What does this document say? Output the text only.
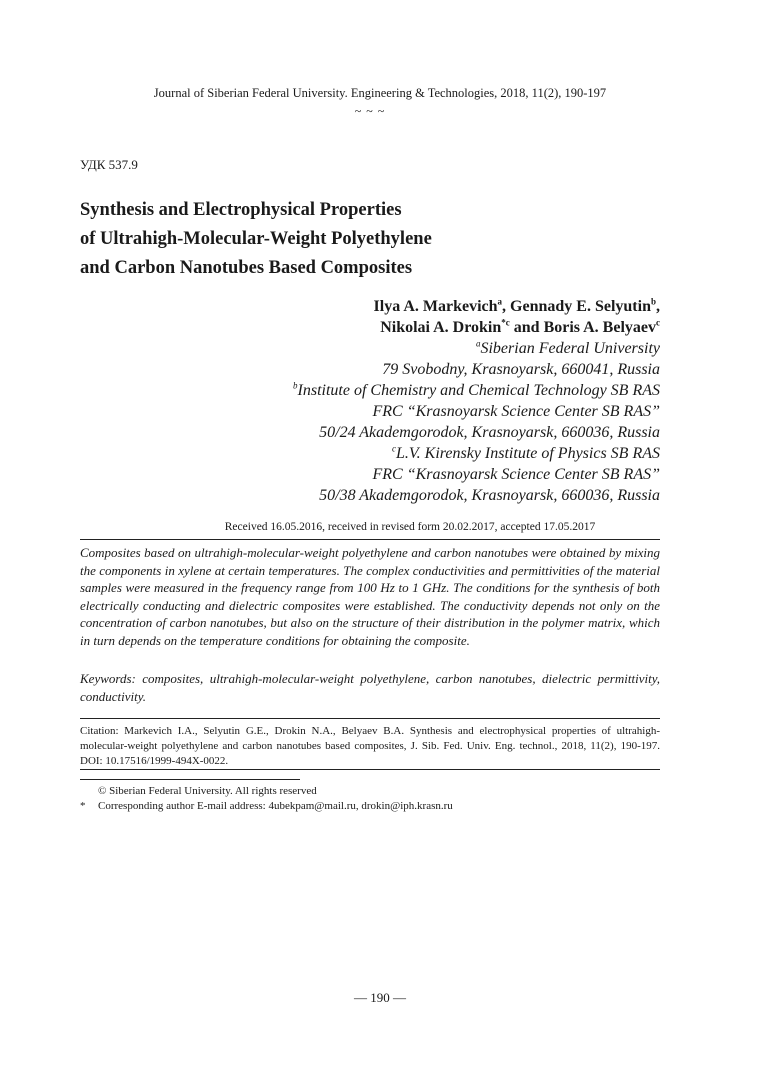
Journal of Siberian Federal University. Engineering & Technologies, 2018, 11(2), 190-197
~ ~ ~
УДК 537.9
Synthesis and Electrophysical Properties
of Ultrahigh-Molecular-Weight Polyethylene
and Carbon Nanotubes Based Composites
Ilya A. Markevich$^a$, Gennady E. Selyutin$^b$,
Nikolai A. Drokin$^{*c}$ and Boris A. Belyaev$^c$
$^a$Siberian Federal University
79 Svobodny, Krasnoyarsk, 660041, Russia
$^b$Institute of Chemistry and Chemical Technology SB RAS
FRC “Krasnoyarsk Science Center SB RAS”
50/24 Akademgorodok, Krasnoyarsk, 660036, Russia
$^c$L.V. Kirensky Institute of Physics SB RAS
FRC “Krasnoyarsk Science Center SB RAS”
50/38 Akademgorodok, Krasnoyarsk, 660036, Russia
Received 16.05.2016, received in revised form 20.02.2017, accepted 17.05.2017
Composites based on ultrahigh-molecular-weight polyethylene and carbon nanotubes were obtained by mixing the components in xylene at certain temperatures. The complex conductivities and permittivities of the material samples were measured in the frequency range from 100 Hz to 1 GHz. The conditions for the synthesis of both electrically conducting and dielectric composites were established. The conductivity depends not only on the concentration of carbon nanotubes, but also on the structure of their distribution in the polymer matrix, which in turn depends on the temperature conditions for obtaining the composite.
Keywords: composites, ultrahigh-molecular-weight polyethylene, carbon nanotubes, dielectric permittivity, conductivity.
Citation: Markevich I.A., Selyutin G.E., Drokin N.A., Belyaev B.A. Synthesis and electrophysical properties of ultrahigh-molecular-weight polyethylene and carbon nanotubes based composites, J. Sib. Fed. Univ. Eng. technol., 2018, 11(2), 190-197. DOI: 10.17516/1999-494X-0022.
© Siberian Federal University. All rights reserved
* Corresponding author E-mail address: 4ubekpam@mail.ru, drokin@iph.krasn.ru
— 190 —
